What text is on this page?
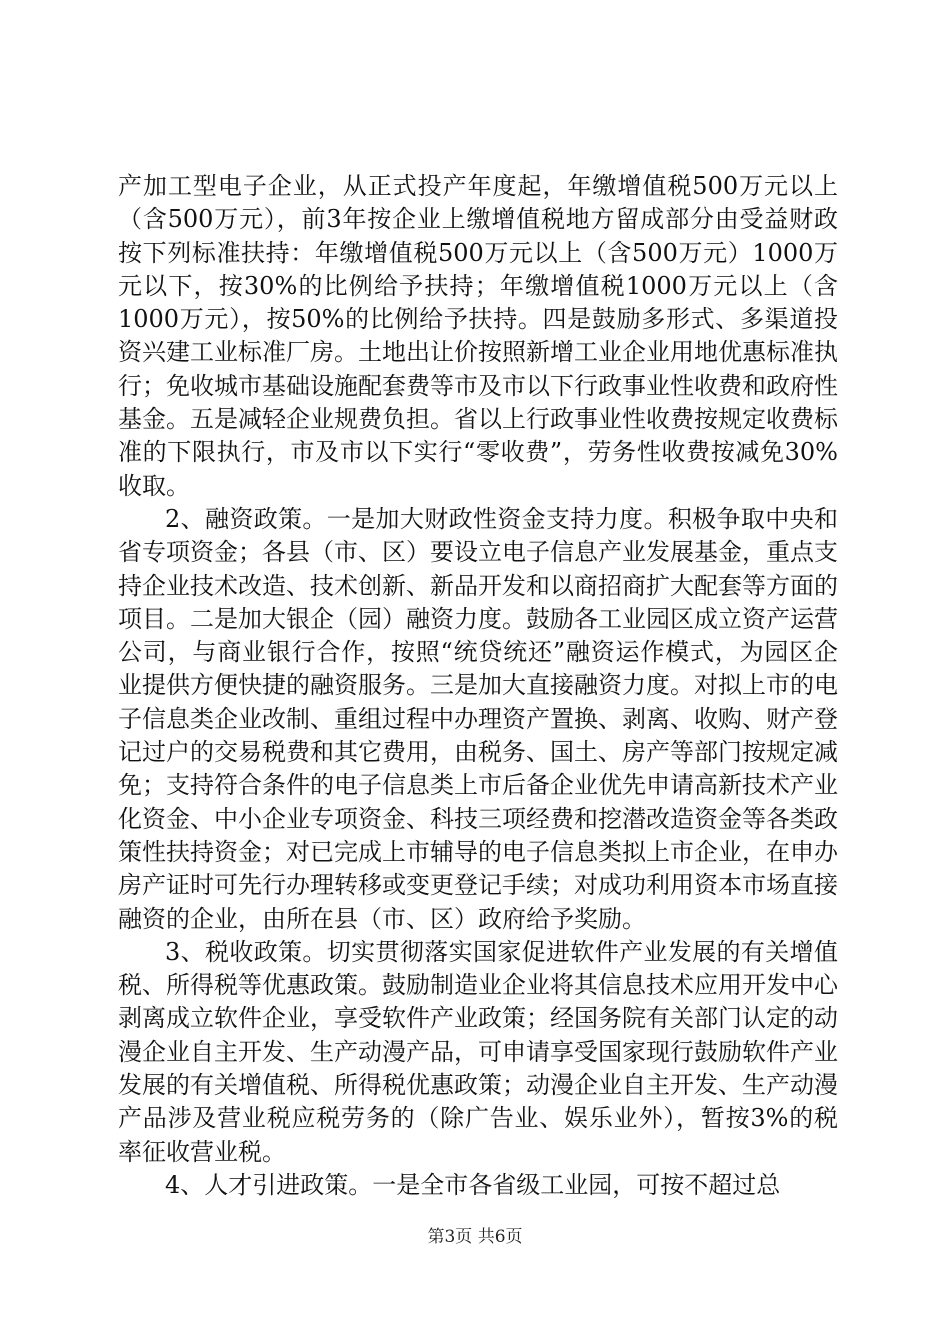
产加工型电子企业，从正式投产年度起，年缴增值税500万元以上（含500万元），前3年按企业上缴增值税地方留成部分由受益财政按下列标准扶持：年缴增值税500万元以上（含500万元）1000万元以下，按30%的比例给予扶持；年缴增值税1000万元以上（含1000万元），按50%的比例给予扶持。四是鼓励多形式、多渠道投资兴建工业标准厂房。土地出让价按照新增工业企业用地优惠标准执行；免收城市基础设施配套费等市及市以下行政事业性收费和政府性基金。五是减轻企业规费负担。省以上行政事业性收费按规定收费标准的下限执行，市及市以下实行“零收费”，劳务性收费按减免30%收取。

2、融资政策。一是加大财政性资金支持力度。积极争取中央和省专项资金；各县（市、区）要设立电子信息产业发展基金，重点支持企业技术改造、技术创新、新品开发和以商招商扩大配套等方面的项目。二是加大银企（园）融资力度。鼓励各工业园区成立资产运营公司，与商业银行合作，按照“统贷统还”融资运作模式，为园区企业提供方便快捷的融资服务。三是加大直接融资力度。对拟上市的电子信息类企业改制、重组过程中办理资产置换、剥离、收购、财产登记过户的交易税费和其它费用，由税务、国土、房产等部门按规定减免；支持符合条件的电子信息类上市后备企业优先申请高新技术产业化资金、中小企业专项资金、科技三项经费和挖潜改造资金等各类政策性扶持资金；对已完成上市辅导的电子信息类拟上市企业，在申办房产证时可先行办理转移或变更登记手续；对成功利用资本市场直接融资的企业，由所在县（市、区）政府给予奖励。

3、税收政策。切实贯彻落实国家促进软件产业发展的有关增值税、所得税等优惠政策。鼓励制造业企业将其信息技术应用开发中心剥离成立软件企业，享受软件产业政策；经国务院有关部门认定的动漫企业自主开发、生产动漫产品，可申请享受国家现行鼓励软件产业发展的有关增值税、所得税优惠政策；动漫企业自主开发、生产动漫产品涉及营业税应税劳务的（除广告业、娱乐业外），暂按3%的税率征收营业税。

4、人才引进政策。一是全市各省级工业园，可按不超过总

第3页 共6页
